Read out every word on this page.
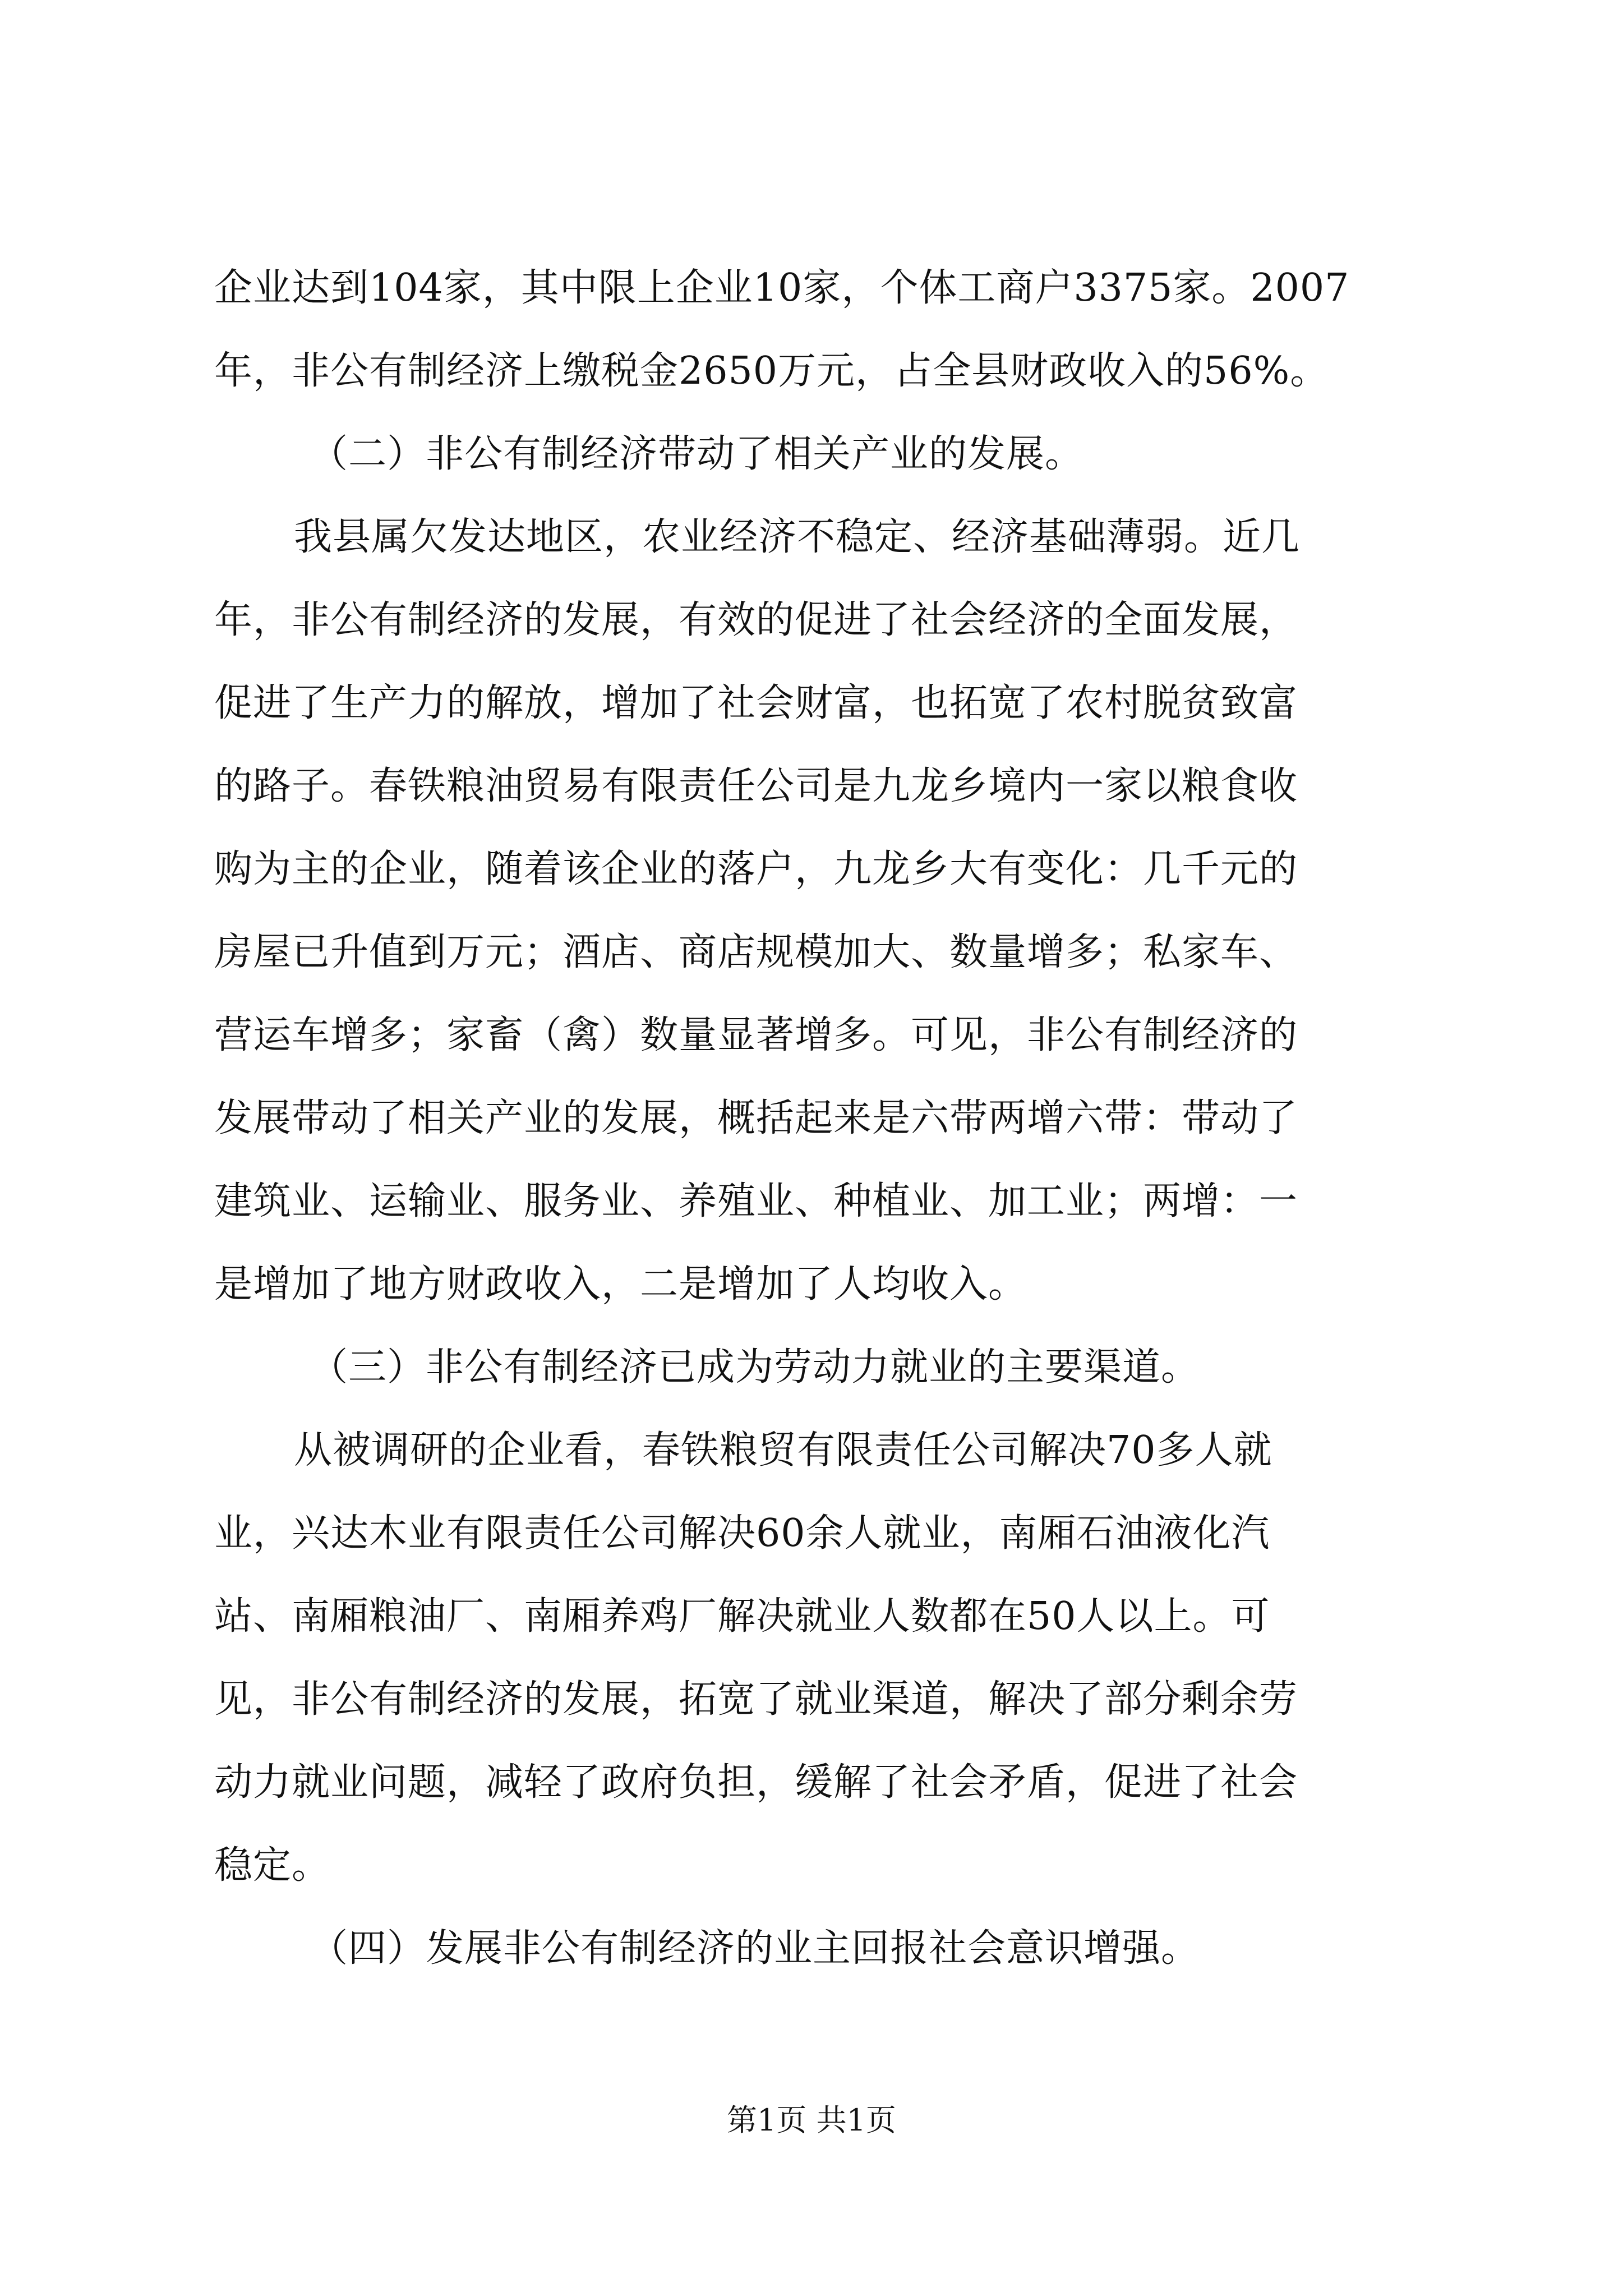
企业达到104家，其中限上企业10家，个体工商户3375家。2007
年，非公有制经济上缴税金2650万元，占全县财政收入的56%。
（二）非公有制经济带动了相关产业的发展。
我县属欠发达地区，农业经济不稳定、经济基础薄弱。近几
年，非公有制经济的发展，有效的促进了社会经济的全面发展，
促进了生产力的解放，增加了社会财富，也拓宽了农村脱贫致富
的路子。春铁粮油贸易有限责任公司是九龙乡境内一家以粮食收
购为主的企业，随着该企业的落户，九龙乡大有变化：几千元的
房屋已升值到万元；酒店、商店规模加大、数量增多；私家车、
营运车增多；家畜（禽）数量显著增多。可见，非公有制经济的
发展带动了相关产业的发展，概括起来是六带两增六带：带动了
建筑业、运输业、服务业、养殖业、种植业、加工业；两增：一
是增加了地方财政收入，二是增加了人均收入。
（三）非公有制经济已成为劳动力就业的主要渠道。
从被调研的企业看，春铁粮贸有限责任公司解决70多人就
业，兴达木业有限责任公司解决60余人就业，南厢石油液化汽
站、南厢粮油厂、南厢养鸡厂解决就业人数都在50人以上。可
见，非公有制经济的发展，拓宽了就业渠道，解决了部分剩余劳
动力就业问题，减轻了政府负担，缓解了社会矛盾，促进了社会
稳定。
（四）发展非公有制经济的业主回报社会意识增强。
第1页 共1页
